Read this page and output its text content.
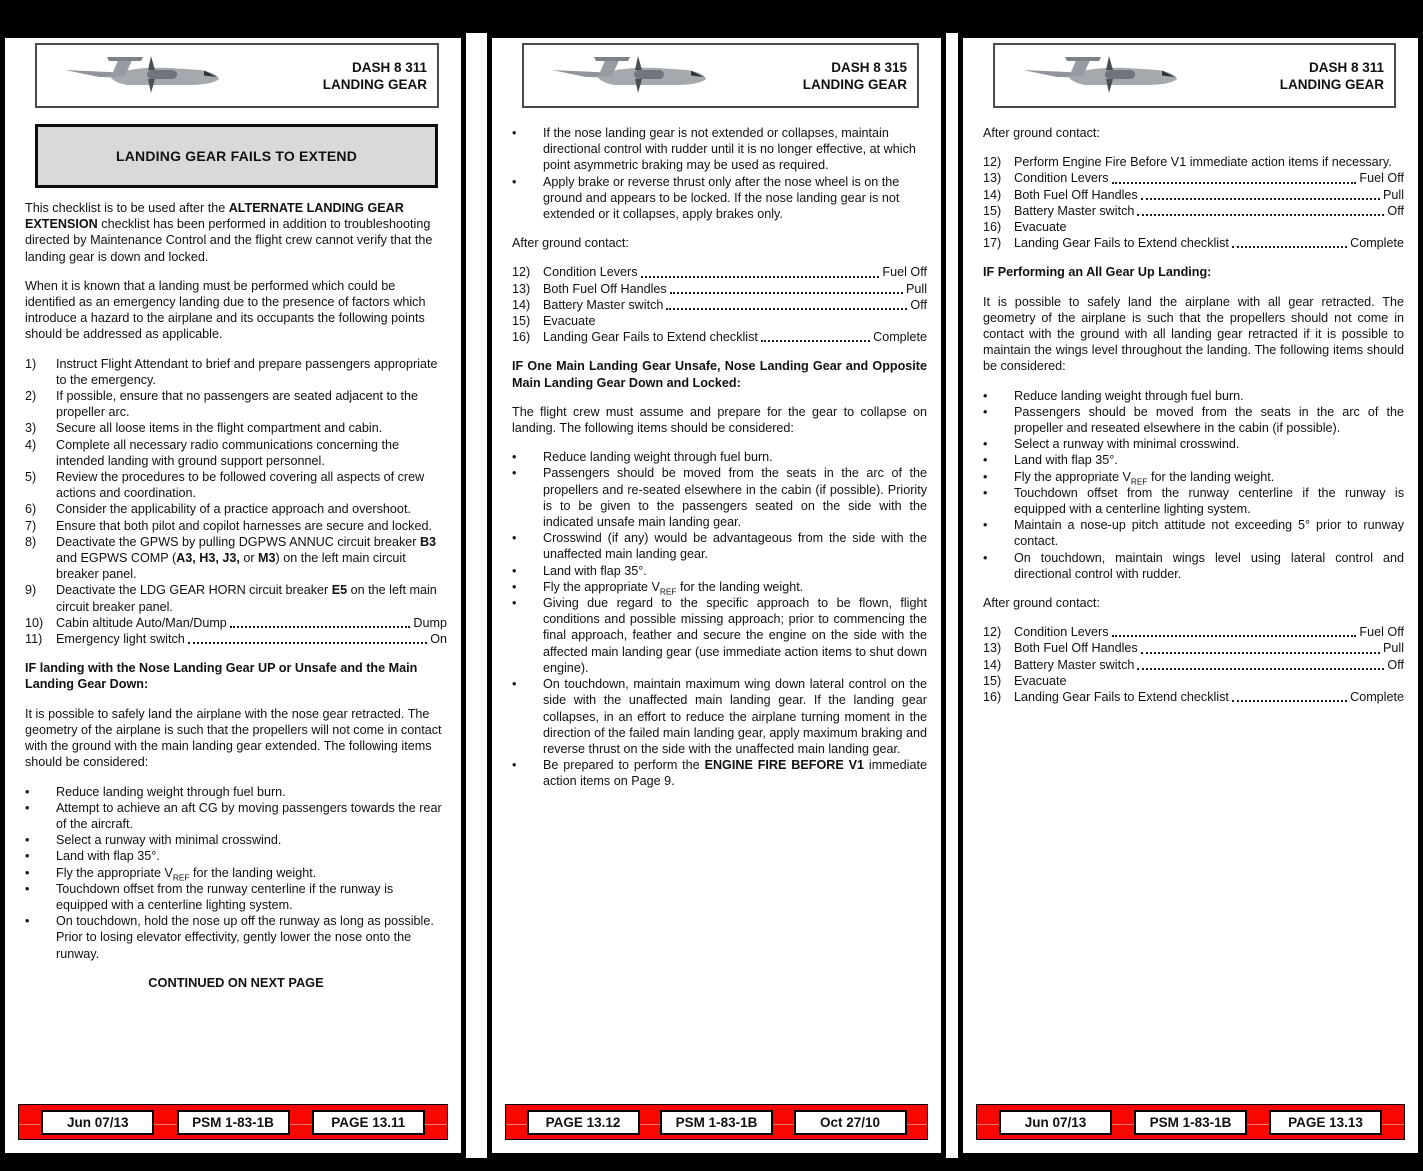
DASH 8 311
LANDING GEAR
LANDING GEAR FAILS TO EXTEND

This checklist is to be used after the ALTERNATE LANDING GEAR EXTENSION checklist has been performed in addition to troubleshooting directed by Maintenance Control and the flight crew cannot verify that the landing gear is down and locked.

When it is known that a landing must be performed which could be identified as an emergency landing due to the presence of factors which introduce a hazard to the airplane and its occupants the following points should be addressed as applicable.

1)	Instruct Flight Attendant to brief and prepare passengers appropriate to the emergency.
2)	If possible, ensure that no passengers are seated adjacent to the propeller arc.
3)	Secure all loose items in the flight compartment and cabin.
4)	Complete all necessary radio communications concerning the intended landing with ground support personnel.
5)	Review the procedures to be followed covering all aspects of crew actions and coordination.
6)	Consider the applicability of a practice approach and overshoot.
7)	Ensure that both pilot and copilot harnesses are secure and locked.
8)	Deactivate the GPWS by pulling DGPWS ANNUC circuit breaker B3 and EGPWS COMP (A3, H3, J3, or M3) on the left main circuit breaker panel.
9)	Deactivate the LDG GEAR HORN circuit breaker E5 on the left main circuit breaker panel.
10)	Cabin altitude Auto/Man/Dump	Dump
11)	Emergency light switch	On
IF landing with the Nose Landing Gear UP or Unsafe and the Main Landing Gear Down:

It is possible to safely land the airplane with the nose gear retracted. The geometry of the airplane is such that the propellers will not come in contact with the ground with the main landing gear extended. The following items should be considered:

•
Reduce landing weight through fuel burn.
•
Attempt to achieve an aft CG by moving passengers towards the rear of the aircraft.
•
Select a runway with minimal crosswind.
•
Land with flap 35°.
•
Fly the appropriate $V_{REF}$ for the landing weight.
•
Touchdown offset from the runway centerline if the runway is equipped with a centerline lighting system.
•
On touchdown, hold the nose up off the runway as long as possible. Prior to losing elevator effectivity, gently lower the nose onto the runway.
CONTINUED ON NEXT PAGE
Jun 07/13	PSM 1-83-1B	PAGE 13.11
DASH 8 315
LANDING GEAR
•
If the nose landing gear is not extended or collapses, maintain directional control with rudder until it is no longer effective, at which point asymmetric braking may be used as required.
•
Apply brake or reverse thrust only after the nose wheel is on the ground and appears to be locked. If the nose landing gear is not extended or it collapses, apply brakes only.

After ground contact:

12)	Condition Levers	Fuel Off
13)	Both Fuel Off Handles	Pull
14)	Battery Master switch	Off
15)	Evacuate
16)	Landing Gear Fails to Extend checklist	Complete
IF One Main Landing Gear Unsafe, Nose Landing Gear and Opposite Main Landing Gear Down and Locked:

The flight crew must assume and prepare for the gear to collapse on landing. The following items should be considered:

•
Reduce landing weight through fuel burn.
•
Passengers should be moved from the seats in the arc of the propellers and re-seated elsewhere in the cabin (if possible). Priority is to be given to the passengers seated on the side with the indicated unsafe main landing gear.
•
Crosswind (if any) would be advantageous from the side with the unaffected main landing gear.
•
Land with flap 35°.
•
Fly the appropriate $V_{REF}$ for the landing weight.
•
Giving due regard to the specific approach to be flown, flight conditions and possible missing approach; prior to commencing the final approach, feather and secure the engine on the side with the affected main landing gear (use immediate action items to shut down engine).
•
On touchdown, maintain maximum wing down lateral control on the side with the unaffected main landing gear. If the landing gear collapses, in an effort to reduce the airplane turning moment in the direction of the failed main landing gear, apply maximum braking and reverse thrust on the side with the unaffected main landing gear.
•
Be prepared to perform the ENGINE FIRE BEFORE V1 immediate action items on Page 9.
PAGE 13.12	PSM 1-83-1B	Oct 27/10
DASH 8 311
LANDING GEAR

After ground contact:

12)	Perform Engine Fire Before V1 immediate action items if necessary.
13)	Condition Levers	Fuel Off
14)	Both Fuel Off Handles	Pull
15)	Battery Master switch	Off
16)	Evacuate
17)	Landing Gear Fails to Extend checklist	Complete
IF Performing an All Gear Up Landing:

It is possible to safely land the airplane with all gear retracted. The geometry of the airplane is such that the propellers should not come in contact with the ground with all landing gear retracted if it is possible to maintain the wings level throughout the landing. The following items should be considered:

•
Reduce landing weight through fuel burn.
•
Passengers should be moved from the seats in the arc of the propeller and reseated elsewhere in the cabin (if possible).
•
Select a runway with minimal crosswind.
•
Land with flap 35°.
•
Fly the appropriate $V_{REF}$ for the landing weight.
•
Touchdown offset from the runway centerline if the runway is equipped with a centerline lighting system.
•
Maintain a nose-up pitch attitude not exceeding 5° prior to runway contact.
•
On touchdown, maintain wings level using lateral control and directional control with rudder.

After ground contact:

12)	Condition Levers	Fuel Off
13)	Both Fuel Off Handles	Pull
14)	Battery Master switch	Off
15)	Evacuate
16)	Landing Gear Fails to Extend checklist	Complete
Jun 07/13	PSM 1-83-1B	PAGE 13.13
